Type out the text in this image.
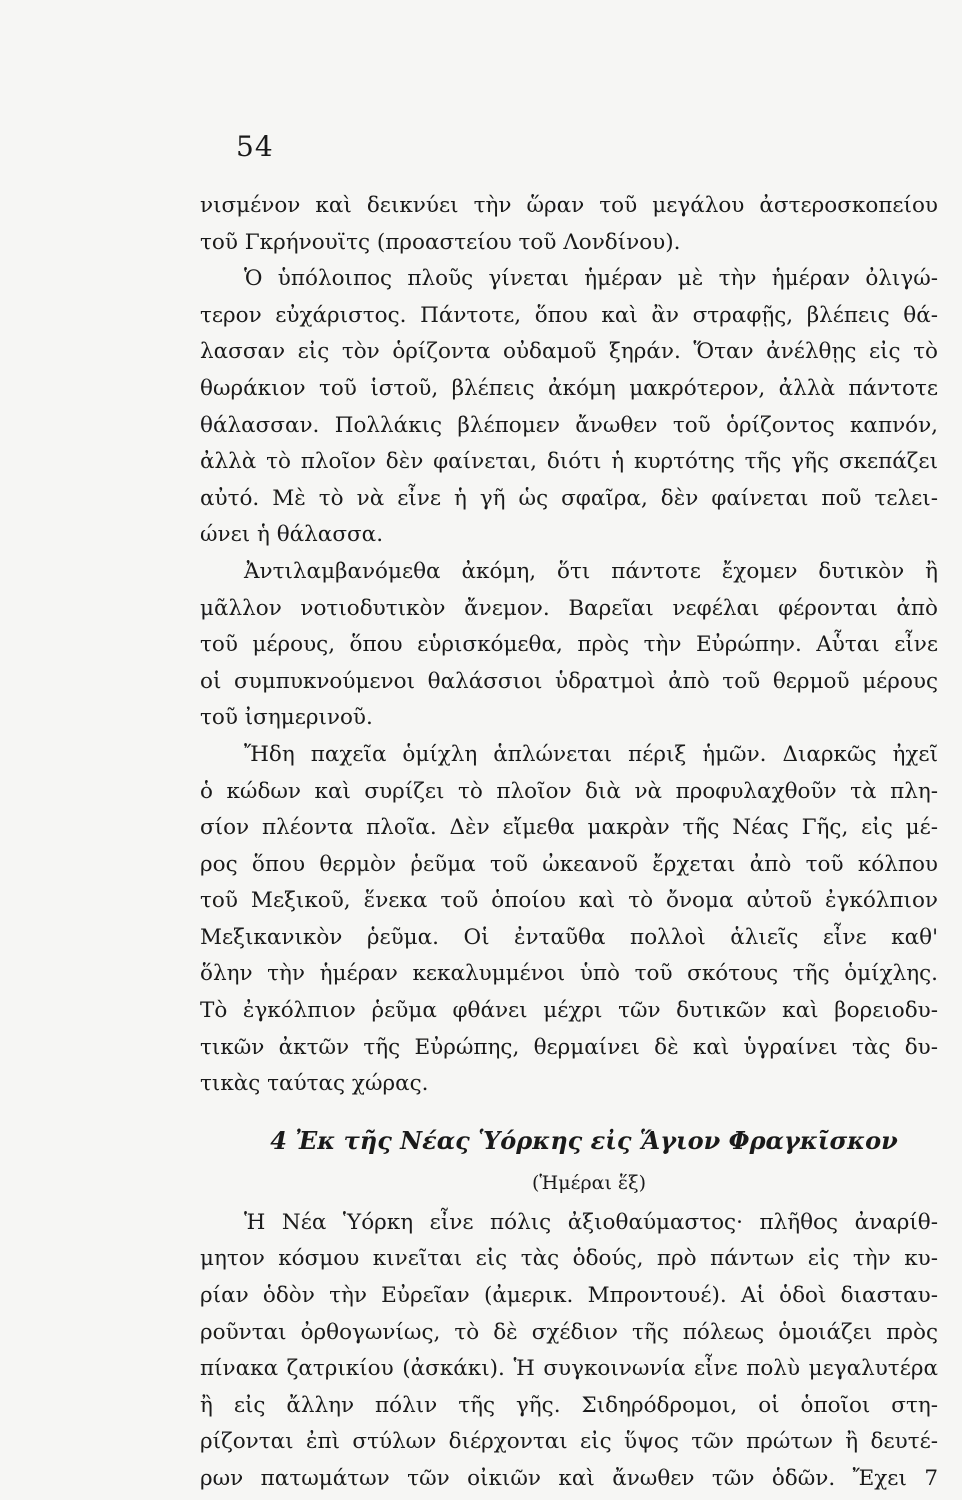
54
νισμένον καὶ δεικνύει τὴν ὥραν τοῦ μεγάλου ἀστεροσκοπείου
τοῦ Γκρήνουϊτς (προαστείου τοῦ Λονδίνου).
Ὁ ὑπόλοιπος πλοῦς γίνεται ἡμέραν μὲ τὴν ἡμέραν ὀλιγώ-
τερον εὐχάριστος. Πάντοτε, ὅπου καὶ ἂν στραφῇς, βλέπεις θά-
λασσαν εἰς τὸν ὁρίζοντα οὐδαμοῦ ξηράν. Ὅταν ἀνέλθῃς εἰς τὸ
θωράκιον τοῦ ἱστοῦ, βλέπεις ἀκόμη μακρότερον, ἀλλὰ πάντοτε
θάλασσαν. Πολλάκις βλέπομεν ἄνωθεν τοῦ ὁρίζοντος καπνόν,
ἀλλὰ τὸ πλοῖον δὲν φαίνεται, διότι ἡ κυρτότης τῆς γῆς σκεπάζει
αὐτό. Μὲ τὸ νὰ εἶνε ἡ γῆ ὡς σφαῖρα, δὲν φαίνεται ποῦ τελει-
ώνει ἡ θάλασσα.
Ἀντιλαμβανόμεθα ἀκόμη, ὅτι πάντοτε ἔχομεν δυτικὸν ἢ
μᾶλλον νοτιοδυτικὸν ἄνεμον. Βαρεῖαι νεφέλαι φέρονται ἀπὸ
τοῦ μέρους, ὅπου εὑρισκόμεθα, πρὸς τὴν Εὐρώπην. Αὗται εἶνε
οἱ συμπυκνούμενοι θαλάσσιοι ὑδρατμοὶ ἀπὸ τοῦ θερμοῦ μέρους
τοῦ ἰσημερινοῦ.
Ἤδη παχεῖα ὁμίχλη ἁπλώνεται πέριξ ἡμῶν. Διαρκῶς ἠχεῖ
ὁ κώδων καὶ συρίζει τὸ πλοῖον διὰ νὰ προφυλαχθοῦν τὰ πλη-
σίον πλέοντα πλοῖα. Δὲν εἴμεθα μακρὰν τῆς Νέας Γῆς, εἰς μέ-
ρος ὅπου θερμὸν ῥεῦμα τοῦ ὠκεανοῦ ἔρχεται ἀπὸ τοῦ κόλπου
τοῦ Μεξικοῦ, ἕνεκα τοῦ ὁποίου καὶ τὸ ὄνομα αὐτοῦ ἐγκόλπιον
Μεξικανικὸν ῥεῦμα. Οἱ ἐνταῦθα πολλοὶ ἁλιεῖς εἶνε καθ'
ὅλην τὴν ἡμέραν κεκαλυμμένοι ὑπὸ τοῦ σκότους τῆς ὁμίχλης.
Τὸ ἐγκόλπιον ῥεῦμα φθάνει μέχρι τῶν δυτικῶν καὶ βορειοδυ-
τικῶν ἀκτῶν τῆς Εὐρώπης, θερμαίνει δὲ καὶ ὑγραίνει τὰς δυ-
τικὰς ταύτας χώρας.
4 Ἐκ τῆς Νέας Ὑόρκης εἰς Ἅγιον Φραγκῖσκον
(Ἡμέραι ἕξ)
Ἡ Νέα Ὑόρκη εἶνε πόλις ἀξιοθαύμαστος· πλῆθος ἀναρίθ-
μητον κόσμου κινεῖται εἰς τὰς ὁδούς, πρὸ πάντων εἰς τὴν κυ-
ρίαν ὁδὸν τὴν Εὐρεῖαν (ἀμερικ. Μπροντουέ). Αἱ ὁδοὶ διασταυ-
ροῦνται ὀρθογωνίως, τὸ δὲ σχέδιον τῆς πόλεως ὁμοιάζει πρὸς
πίνακα ζατρικίου (ἀσκάκι). Ἡ συγκοινωνία εἶνε πολὺ μεγαλυτέρα
ἢ εἰς ἄλλην πόλιν τῆς γῆς. Σιδηρόδρομοι, οἱ ὁποῖοι στη-
ρίζονται ἐπὶ στύλων διέρχονται εἰς ὕψος τῶν πρώτων ἢ δευτέ-
ρων πατωμάτων τῶν οἰκιῶν καὶ ἄνωθεν τῶν ὁδῶν. Ἔχει 7
